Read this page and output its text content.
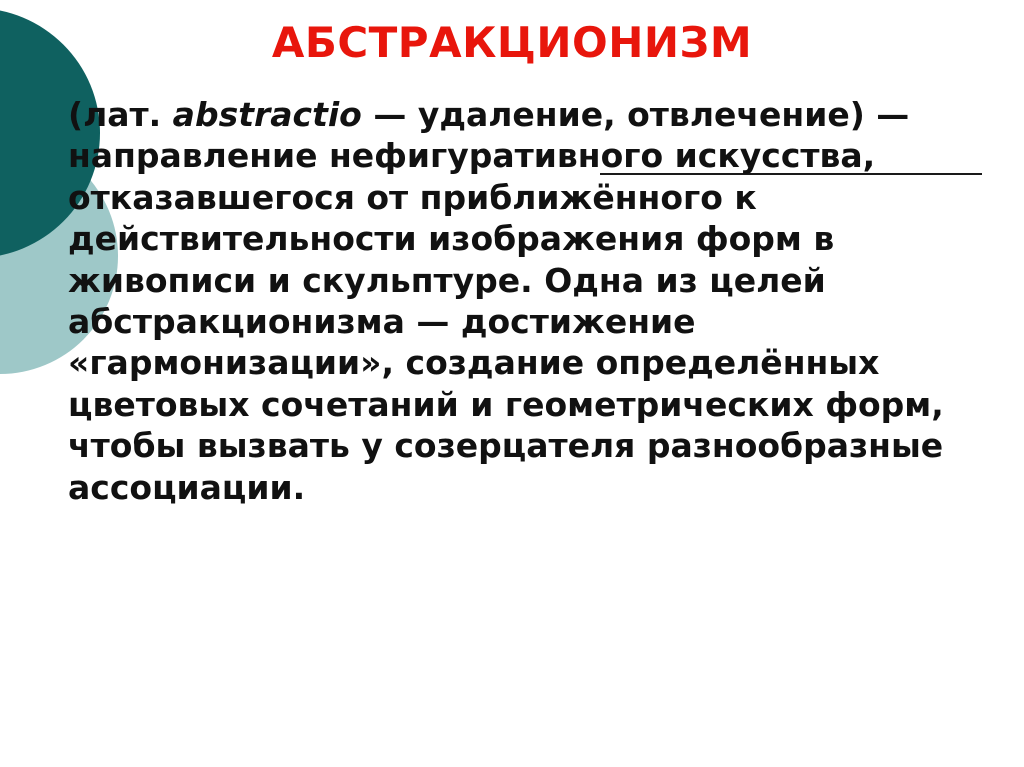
АБСТРАКЦИОНИЗМ
(лат. abstractio — удаление, отвлечение) — направление нефигуративного искусства, отказавшегося от приближённого к действительности изображения форм в живописи и скульптуре. Одна из целей абстракционизма — достижение «гармонизации», создание определённых цветовых сочетаний и геометрических форм, чтобы вызвать у созерцателя разнообразные ассоциации.
